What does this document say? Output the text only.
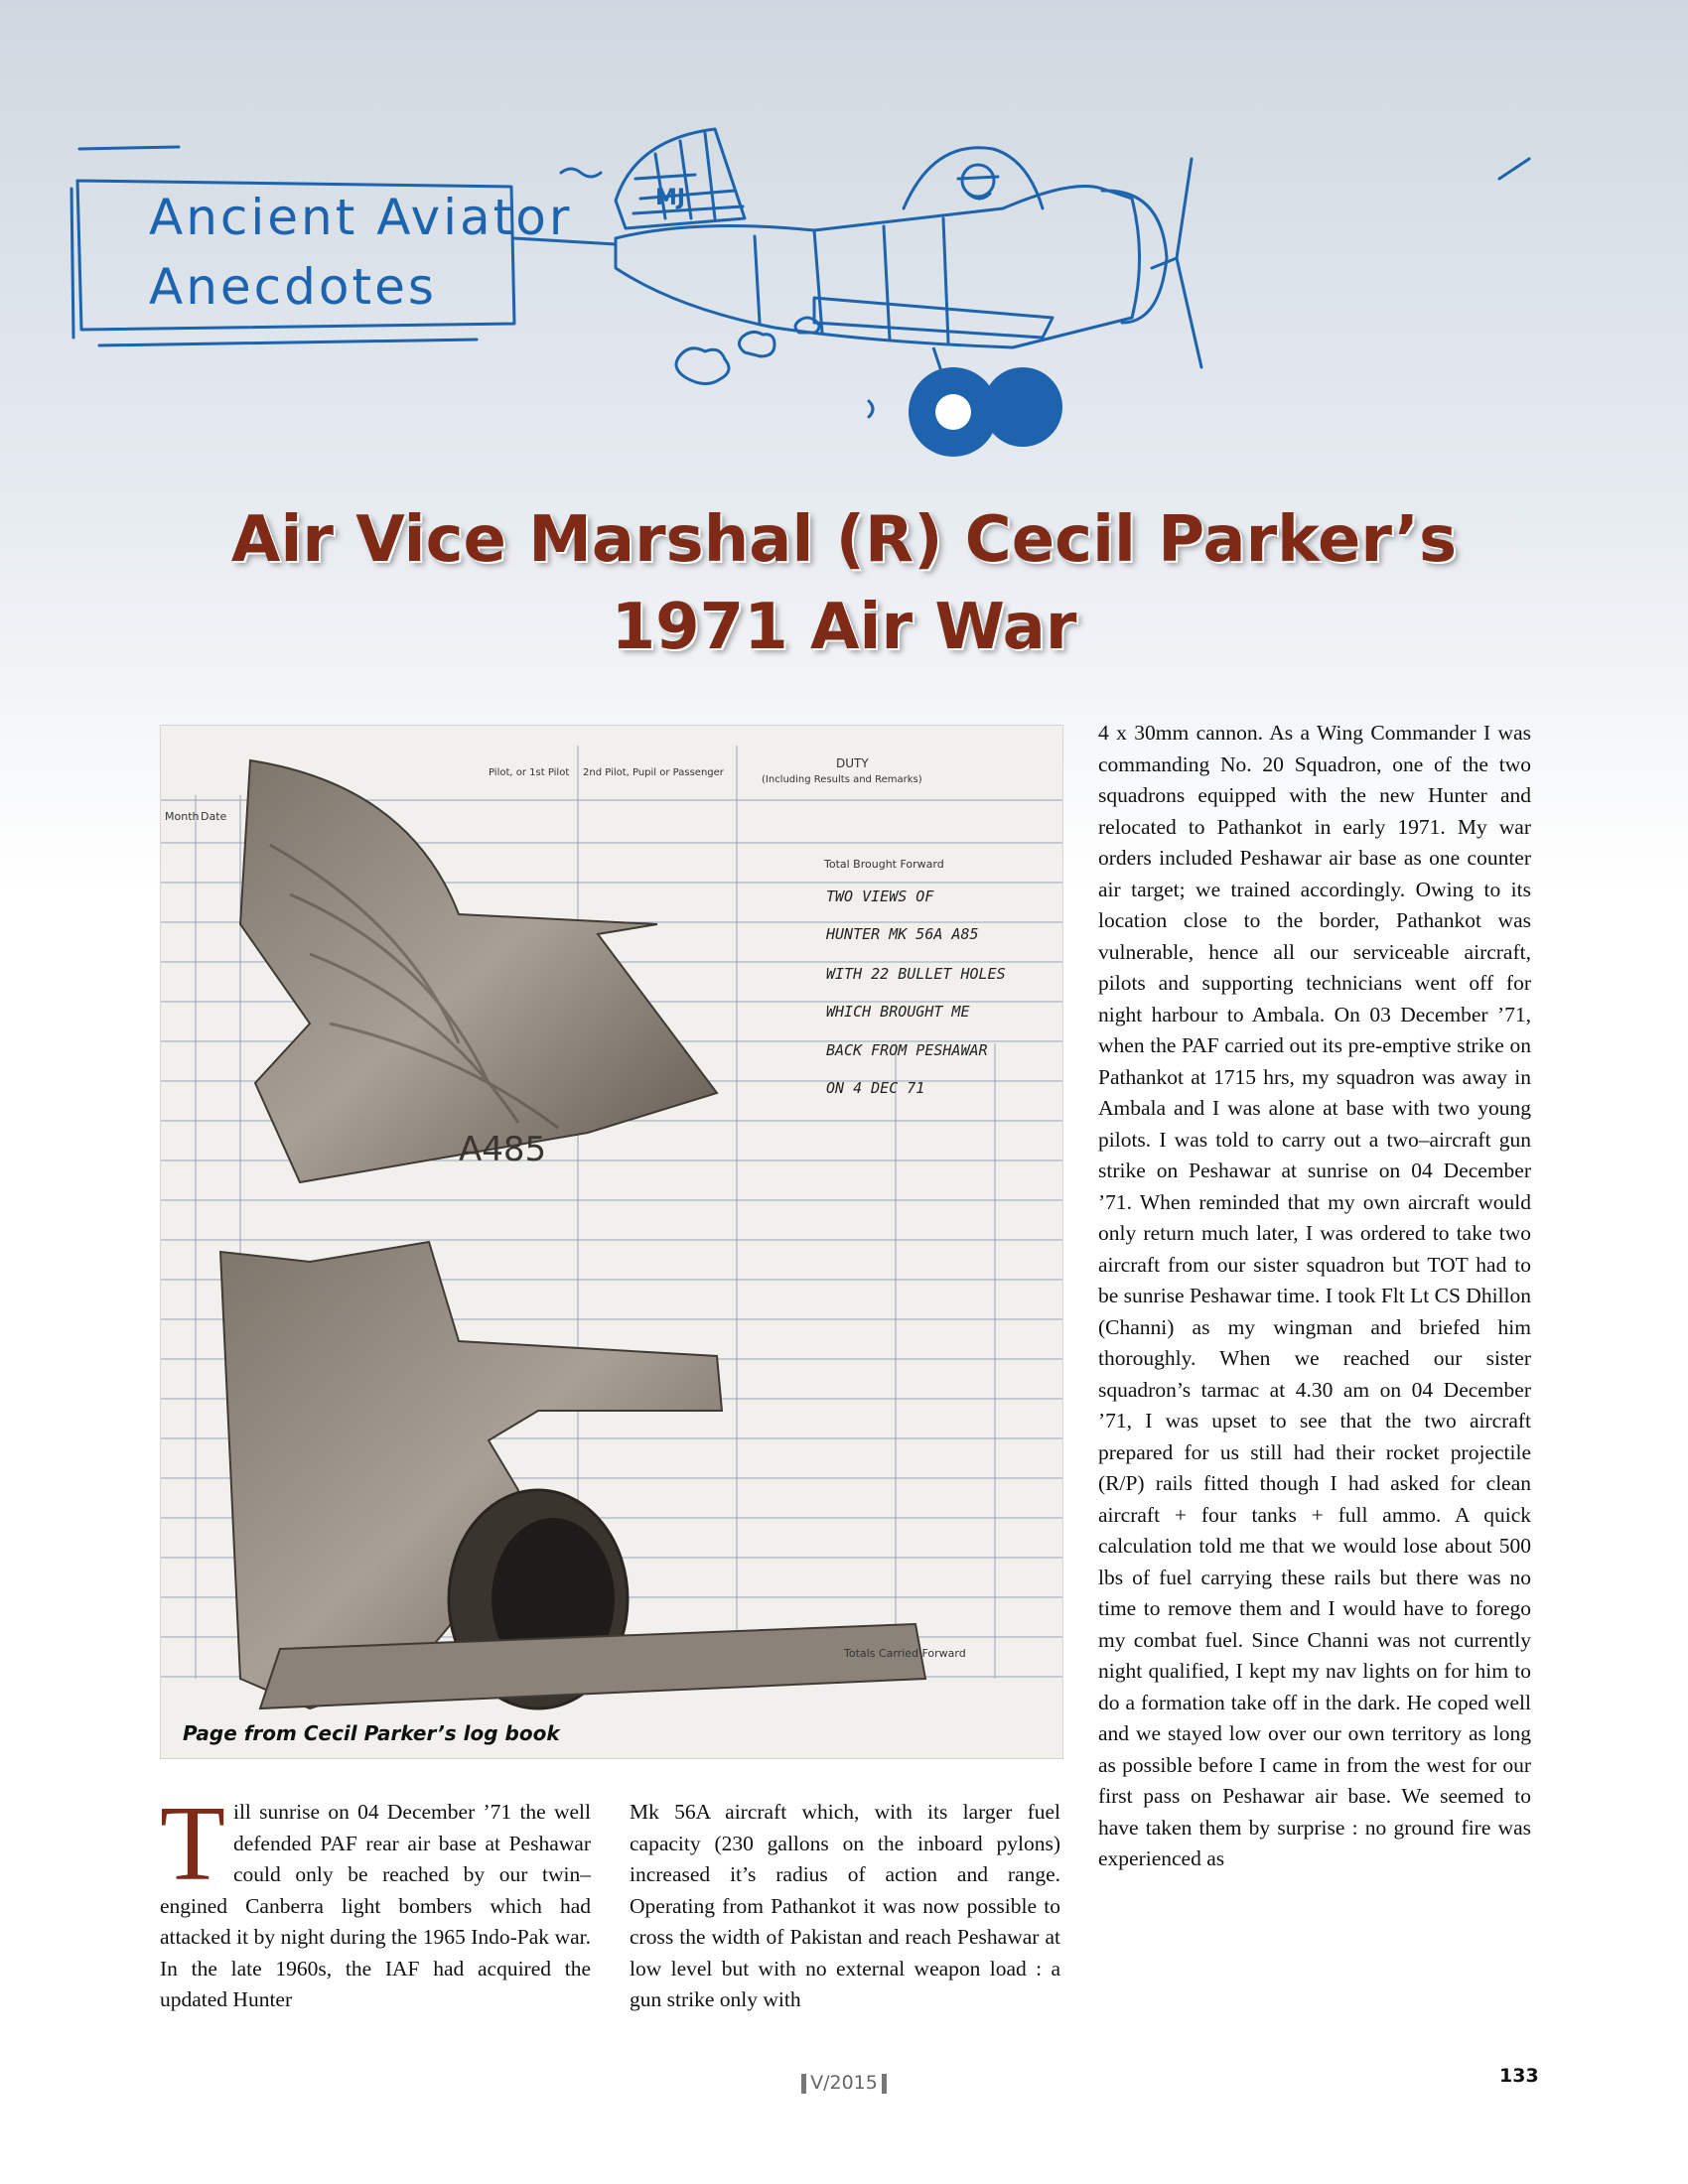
MJ
Ancient Aviator
Anecdotes
Air Vice Marshal (R) Cecil Parker’s
1971 Air War
A485
Month Date
Pilot, or 1st Pilot 2nd Pilot, Pupil or Passenger
DUTY
(Including Results and Remarks)
Total Brought Forward
Totals Carried Forward
TWO VIEWS OF
HUNTER MK 56A A85
WITH 22 BULLET HOLES
WHICH BROUGHT ME
BACK FROM PESHAWAR
ON 4 DEC 71
Page from Cecil Parker’s log book
T ill sunrise on 04 December ’71 the well defended PAF rear air base at Peshawar could only be reached by our twin–engined Canberra light bombers which had attacked it by night during the 1965 Indo-Pak war. In the late 1960s, the IAF had acquired the updated Hunter

Mk 56A aircraft which, with its larger fuel capacity (230 gallons on the inboard pylons) increased it’s radius of action and range. Operating from Pathankot it was now possible to cross the width of Pakistan and reach Peshawar at low level but with no external weapon load : a gun strike only with

4 x 30mm cannon. As a Wing Commander I was commanding No. 20 Squadron, one of the two squadrons equipped with the new Hunter and relocated to Pathankot in early 1971. My war orders included Peshawar air base as one counter air target; we trained accordingly. Owing to its location close to the border, Pathankot was vulnerable, hence all our serviceable aircraft, pilots and supporting technicians went off for night harbour to Ambala. On 03 December ’71, when the PAF carried out its pre-emptive strike on Pathankot at 1715 hrs, my squadron was away in Ambala and I was alone at base with two young pilots. I was told to carry out a two–aircraft gun strike on Peshawar at sunrise on 04 December ’71. When reminded that my own aircraft would only return much later, I was ordered to take two aircraft from our sister squadron but TOT had to be sunrise Peshawar time. I took Flt Lt CS Dhillon (Channi) as my wingman and briefed him thoroughly. When we reached our sister squadron’s tarmac at 4.30 am on 04 December ’71, I was upset to see that the two aircraft prepared for us still had their rocket projectile (R/P) rails fitted though I had asked for clean aircraft + four tanks + full ammo. A quick calculation told me that we would lose about 500 lbs of fuel carrying these rails but there was no time to remove them and I would have to forego my combat fuel. Since Channi was not currently night qualified, I kept my nav lights on for him to do a formation take off in the dark. He coped well and we stayed low over our own territory as long as possible before I came in from the west for our first pass on Peshawar air base. We seemed to have taken them by surprise : no ground fire was experienced as

V/2015	133
